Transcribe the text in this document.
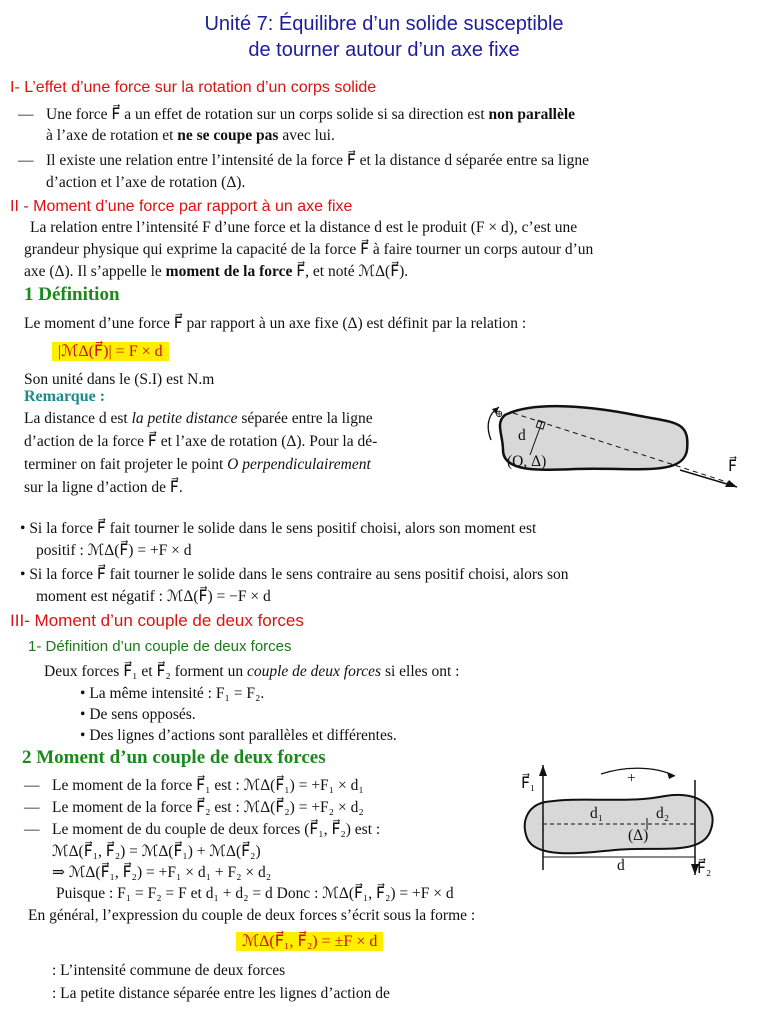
Unité 7: Équilibre d’un solide susceptible
de tourner autour d’un axe fixe
I- L’effet d’une force sur la rotation d’un corps solide
— Une force F⃗ a un effet de rotation sur un corps solide si sa direction est non parallèle
à l’axe de rotation et ne se coupe pas avec lui.
— Il existe une relation entre l’intensité de la force F⃗ et la distance d séparée entre sa ligne
d’action et l’axe de rotation (Δ).
II - Moment d’une force par rapport à un axe fixe
La relation entre l’intensité F d’une force et la distance d est le produit (F × d), c’est une
grandeur physique qui exprime la capacité de la force F⃗ à faire tourner un corps autour d’un
axe (Δ). Il s’appelle le moment de la force F⃗, et noté ℳΔ(F⃗).
1 Définition
Le moment d’une force F⃗ par rapport à un axe fixe (Δ) est définit par la relation :
|ℳΔ(F⃗)| = F × d
Son unité dans le (S.I) est N.m
Remarque :
La distance d est la petite distance séparée entre la ligne
d’action de la force F⃗ et l’axe de rotation (Δ). Pour la dé-
terminer on fait projeter le point O perpendiculairement
sur la ligne d’action de F⃗.
⊕
d
(O, Δ)	F⃗
• Si la force F⃗ fait tourner le solide dans le sens positif choisi, alors son moment est
positif : ℳΔ(F⃗) = +F × d
• Si la force F⃗ fait tourner le solide dans le sens contraire au sens positif choisi, alors son
moment est négatif : ℳΔ(F⃗) = −F × d
III- Moment d’un couple de deux forces
1- Définition d’un couple de deux forces
Deux forces F⃗₁ et F⃗₂ forment un couple de deux forces si elles ont :
• La même intensité : F₁ = F₂.
• De sens opposés.
• Des lignes d’actions sont parallèles et différentes.
2 Moment d’un couple de deux forces
— Le moment de la force F⃗₁ est : ℳΔ(F⃗₁) = +F₁ × d₁
— Le moment de la force F⃗₂ est : ℳΔ(F⃗₂) = +F₂ × d₂
— Le moment de du couple de deux forces (F⃗₁, F⃗₂) est :
ℳΔ(F⃗₁, F⃗₂) = ℳΔ(F⃗₁) + ℳΔ(F⃗₂)
⇒ ℳΔ(F⃗₁, F⃗₂) = +F₁ × d₁ + F₂ × d₂
Puisque : F₁ = F₂ = F et d₁ + d₂ = d Donc : ℳΔ(F⃗₁, F⃗₂) = +F × d
En général, l’expression du couple de deux forces s’écrit sous la forme :
ℳΔ(F⃗₁, F⃗₂) = ±F × d
: L’intensité commune de deux forces
: La petite distance séparée entre les lignes d’action de
F⃗₁
F⃗₂
+
d₁	d₂
(Δ)
d
